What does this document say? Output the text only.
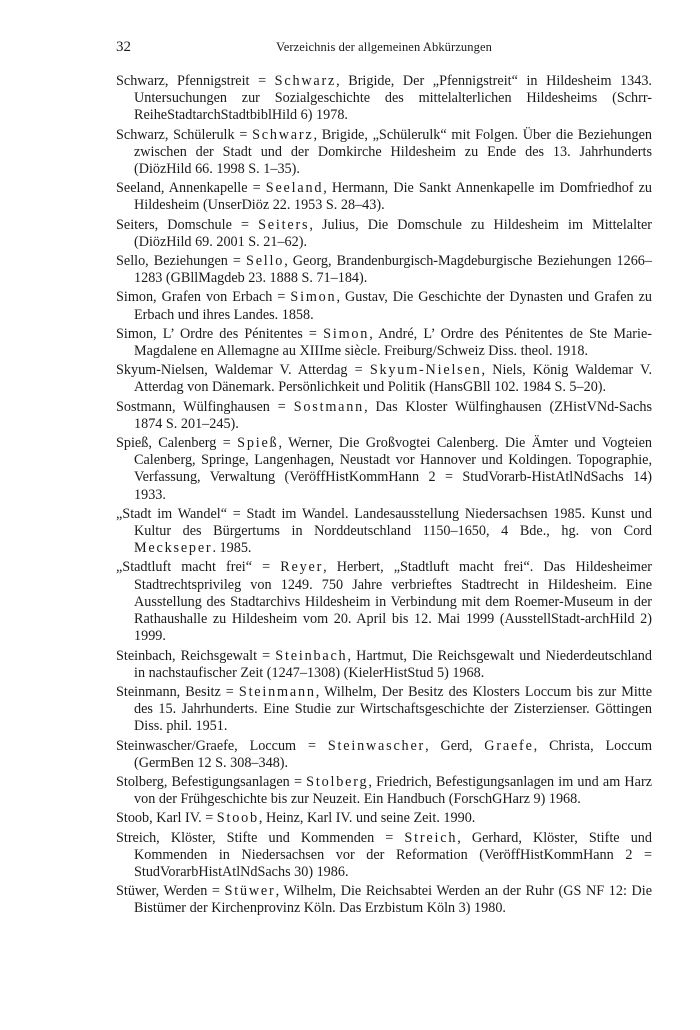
32	Verzeichnis der allgemeinen Abkürzungen

Schwarz, Pfennigstreit = Schwarz, Brigide, Der „Pfennigstreit“ in Hildesheim 1343. Untersuchungen zur Sozialgeschichte des mittelalterlichen Hildesheims (Schrr-ReiheStadtarchStadtbiblHild 6) 1978.

Schwarz, Schülerulk = Schwarz, Brigide, „Schülerulk“ mit Folgen. Über die Beziehungen zwischen der Stadt und der Domkirche Hildesheim zu Ende des 13. Jahrhunderts (DiözHild 66. 1998 S. 1–35).

Seeland, Annenkapelle = Seeland, Hermann, Die Sankt Annenkapelle im Domfriedhof zu Hildesheim (UnserDiöz 22. 1953 S. 28–43).

Seiters, Domschule = Seiters, Julius, Die Domschule zu Hildesheim im Mittelalter (DiözHild 69. 2001 S. 21–62).

Sello, Beziehungen = Sello, Georg, Brandenburgisch-Magdeburgische Beziehungen 1266–1283 (GBllMagdeb 23. 1888 S. 71–184).

Simon, Grafen von Erbach = Simon, Gustav, Die Geschichte der Dynasten und Grafen zu Erbach und ihres Landes. 1858.

Simon, L’ Ordre des Pénitentes = Simon, André, L’ Ordre des Pénitentes de Ste Marie-Magdalene en Allemagne au XIIIme siècle. Freiburg/Schweiz Diss. theol. 1918.

Skyum-Nielsen, Waldemar V. Atterdag = Skyum-Nielsen, Niels, König Waldemar V. Atterdag von Dänemark. Persönlichkeit und Politik (HansGBll 102. 1984 S. 5–20).

Sostmann, Wülfinghausen = Sostmann, Das Kloster Wülfinghausen (ZHistVNd-Sachs 1874 S. 201–245).

Spieß, Calenberg = Spieß, Werner, Die Großvogtei Calenberg. Die Ämter und Vogteien Calenberg, Springe, Langenhagen, Neustadt vor Hannover und Koldingen. Topographie, Verfassung, Verwaltung (VeröffHistKommHann 2 = StudVorarb-HistAtlNdSachs 14) 1933.

„Stadt im Wandel“ = Stadt im Wandel. Landesausstellung Niedersachsen 1985. Kunst und Kultur des Bürgertums in Norddeutschland 1150–1650, 4 Bde., hg. von Cord Meckseper. 1985.

„Stadtluft macht frei“ = Reyer, Herbert, „Stadtluft macht frei“. Das Hildesheimer Stadtrechtsprivileg von 1249. 750 Jahre verbrieftes Stadtrecht in Hildesheim. Eine Ausstellung des Stadtarchivs Hildesheim in Verbindung mit dem Roemer-Museum in der Rathaushalle zu Hildesheim vom 20. April bis 12. Mai 1999 (AusstellStadt-archHild 2) 1999.

Steinbach, Reichsgewalt = Steinbach, Hartmut, Die Reichsgewalt und Niederdeutschland in nachstaufischer Zeit (1247–1308) (KielerHistStud 5) 1968.

Steinmann, Besitz = Steinmann, Wilhelm, Der Besitz des Klosters Loccum bis zur Mitte des 15. Jahrhunderts. Eine Studie zur Wirtschaftsgeschichte der Zisterzienser. Göttingen Diss. phil. 1951.

Steinwascher/Graefe, Loccum = Steinwascher, Gerd, Graefe, Christa, Loccum (GermBen 12 S. 308–348).

Stolberg, Befestigungsanlagen = Stolberg, Friedrich, Befestigungsanlagen im und am Harz von der Frühgeschichte bis zur Neuzeit. Ein Handbuch (ForschGHarz 9) 1968.

Stoob, Karl IV. = Stoob, Heinz, Karl IV. und seine Zeit. 1990.

Streich, Klöster, Stifte und Kommenden = Streich, Gerhard, Klöster, Stifte und Kommenden in Niedersachsen vor der Reformation (VeröffHistKommHann 2 = StudVorarbHistAtlNdSachs 30) 1986.

Stüwer, Werden = Stüwer, Wilhelm, Die Reichsabtei Werden an der Ruhr (GS NF 12: Die Bistümer der Kirchenprovinz Köln. Das Erzbistum Köln 3) 1980.
